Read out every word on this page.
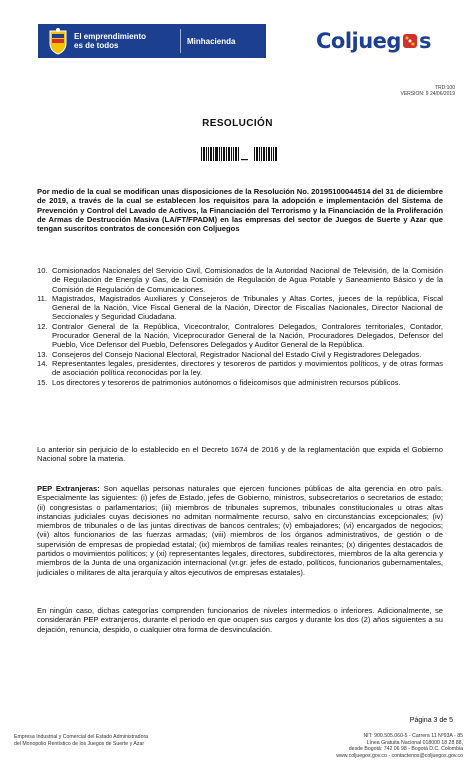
El emprendimiento
es de todos	Minhacienda	Coljueg s
TRD:100
VERSION: 9 24/06/2019
RESOLUCIÓN
Por medio de la cual se modifican unas disposiciones de la Resolución No. 20195100044514 del 31 de diciembre de 2019, a través de la cual se establecen los requisitos para la adopción e implementación del Sistema de Prevención y Control del Lavado de Activos, la Financiación del Terrorismo y la Financiación de la Proliferación de Armas de Destrucción Masiva (LA/FT/FPADM) en las empresas del sector de Juegos de Suerte y Azar que tengan suscritos contratos de concesión con Coljuegos
10. Comisionados Nacionales del Servicio Civil, Comisionados de la Autoridad Nacional de Televisión, de la Comisión de Regulación de Energía y Gas, de la Comisión de Regulación de Agua Potable y Saneamiento Básico y de la Comisión de Regulación de Comunicaciones.
11. Magistrados, Magistrados Auxiliares y Consejeros de Tribunales y Altas Cortes, jueces de la república, Fiscal General de la Nación, Vice Fiscal General de la Nación, Director de Fiscalías Nacionales, Director Nacional de Seccionales y Seguridad Ciudadana.
12. Contralor General de la República, Vicecontralor, Contralores Delegados, Contralores territoriales, Contador, Procurador General de la Nación, Viceprocurador General de la Nación, Procuradores Delegados, Defensor del Pueblo, Vice Defensor del Pueblo, Defensores Delegados y Auditor General de la República.
13. Consejeros del Consejo Nacional Electoral, Registrador Nacional del Estado Civil y Registradores Delegados.
14. Representantes legales, presidentes, directores y tesoreros de partidos y movimientos políticos, y de otras formas de asociación política reconocidas por la ley.
15. Los directores y tesoreros de patrimonios autónomos o fideicomisos que administren recursos públicos.

Lo anterior sin perjuicio de lo establecido en el Decreto 1674 de 2016 y de la reglamentación que expida el Gobierno Nacional sobre la materia.

PEP Extranjeras: Son aquellas personas naturales que ejercen funciones públicas de alta gerencia en otro país. Especialmente las siguientes: (i) jefes de Estado, jefes de Gobierno, ministros, subsecretarios o secretarios de estado; (ii) congresistas o parlamentarios; (iii) miembros de tribunales supremos, tribunales constitucionales u otras altas instancias judiciales cuyas decisiones no admitan normalmente recurso, salvo en circunstancias excepcionales; (iv) miembros de tribunales o de las juntas directivas de bancos centrales; (v) embajadores; (vi) encargados de negocios; (vii) altos funcionarios de las fuerzas armadas; (viii) miembros de los órganos administrativos, de gestión o de supervisión de empresas de propiedad estatal; (ix) miembros de familias reales reinantes; (x) dirigentes destacados de partidos o movimientos políticos; y (xi) representantes legales, directores, subdirectores, miembros de la alta gerencia y miembros de la Junta de una organización internacional (vr.gr. jefes de estado, políticos, funcionarios gubernamentales, judiciales o militares de alta jerarquía y altos ejecutivos de empresas estatales).

En ningún caso, dichas categorías comprenden funcionarios de niveles intermedios o inferiores. Adicionalmente, se considerarán PEP extranjeros, durante el periodo en que ocupen sus cargos y durante los dos (2) años siguientes a su dejación, renuncia, despido, o cualquier otra forma de desvinculación.

Página 3 de 5
Empresa Industrial y Comercial del Estado Administradora
del Monopolio Rentístico de los Juegos de Suerte y Azar
NIT: 900.505.060-5 - Carrera 11 Nº93A - 85
Línea Gratuita Nacional 018000 18 28 88,
desde Bogotá: 742 06 98 - Bogotá D.C. Colombia
www.coljuegos.gov.co - contactenos@coljuegos.gov.co
